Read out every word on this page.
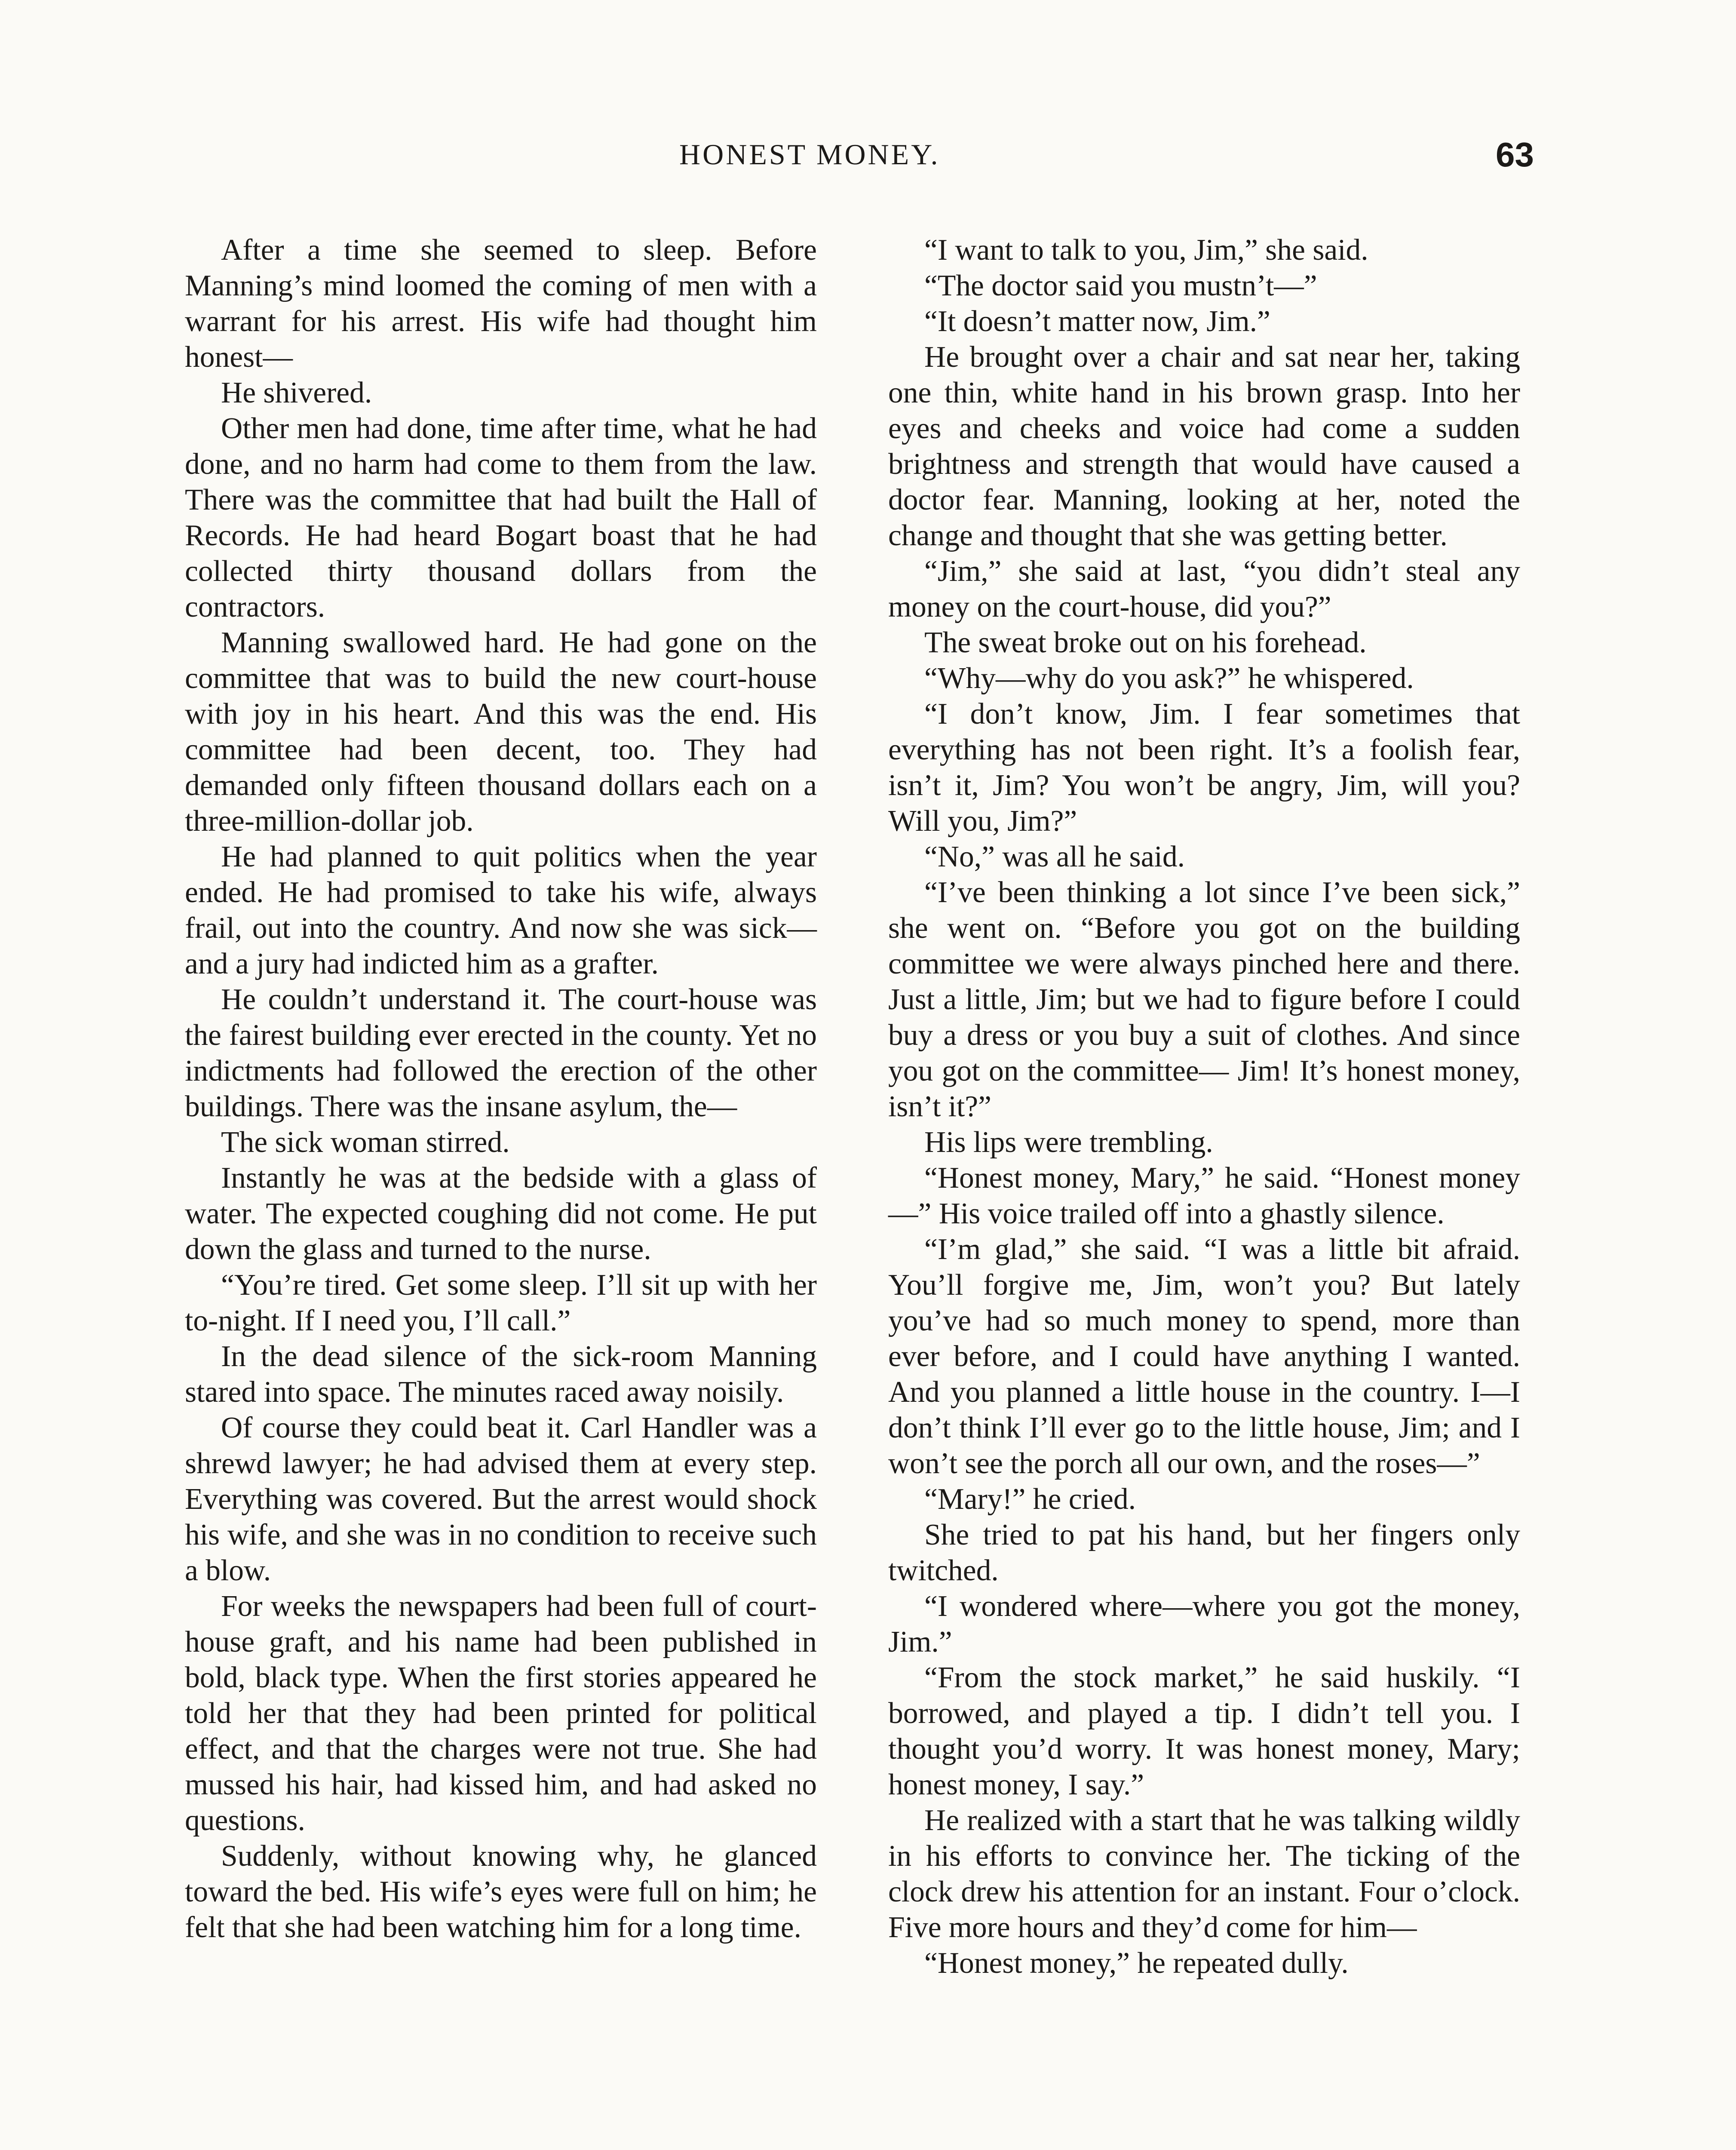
HONEST MONEY.	63

After a time she seemed to sleep. Before Manning’s mind loomed the coming of men with a warrant for his arrest. His wife had thought him honest—

He shivered.

Other men had done, time after time, what he had done, and no harm had come to them from the law. There was the committee that had built the Hall of Records. He had heard Bogart boast that he had collected thirty thousand dollars from the contractors.

Manning swallowed hard. He had gone on the committee that was to build the new court-house with joy in his heart. And this was the end. His committee had been decent, too. They had demanded only fifteen thousand dollars each on a three-million-dollar job.

He had planned to quit politics when the year ended. He had promised to take his wife, always frail, out into the country. And now she was sick—and a jury had indicted him as a grafter.

He couldn’t understand it. The court-house was the fairest building ever erected in the county. Yet no indictments had followed the erection of the other buildings. There was the insane asylum, the—

The sick woman stirred.

Instantly he was at the bedside with a glass of water. The expected coughing did not come. He put down the glass and turned to the nurse.

“You’re tired. Get some sleep. I’ll sit up with her to-night. If I need you, I’ll call.”

In the dead silence of the sick-room Manning stared into space. The minutes raced away noisily.

Of course they could beat it. Carl Handler was a shrewd lawyer; he had advised them at every step. Everything was covered. But the arrest would shock his wife, and she was in no condition to receive such a blow.

For weeks the newspapers had been full of court-house graft, and his name had been published in bold, black type. When the first stories appeared he told her that they had been printed for political effect, and that the charges were not true. She had mussed his hair, had kissed him, and had asked no questions.

Suddenly, without knowing why, he glanced toward the bed. His wife’s eyes were full on him; he felt that she had been watching him for a long time.

“I want to talk to you, Jim,” she said.

“The doctor said you mustn’t—”

“It doesn’t matter now, Jim.”

He brought over a chair and sat near her, taking one thin, white hand in his brown grasp. Into her eyes and cheeks and voice had come a sudden brightness and strength that would have caused a doctor fear. Manning, looking at her, noted the change and thought that she was getting better.

“Jim,” she said at last, “you didn’t steal any money on the court-house, did you?”

The sweat broke out on his forehead.

“Why—why do you ask?” he whispered.

“I don’t know, Jim. I fear sometimes that everything has not been right. It’s a foolish fear, isn’t it, Jim? You won’t be angry, Jim, will you? Will you, Jim?”

“No,” was all he said.

“I’ve been thinking a lot since I’ve been sick,” she went on. “Before you got on the building committee we were always pinched here and there. Just a little, Jim; but we had to figure before I could buy a dress or you buy a suit of clothes. And since you got on the committee— Jim! It’s honest money, isn’t it?”

His lips were trembling.

“Honest money, Mary,” he said. “Honest money—” His voice trailed off into a ghastly silence.

“I’m glad,” she said. “I was a little bit afraid. You’ll forgive me, Jim, won’t you? But lately you’ve had so much money to spend, more than ever before, and I could have anything I wanted. And you planned a little house in the country. I—I don’t think I’ll ever go to the little house, Jim; and I won’t see the porch all our own, and the roses—”

“Mary!” he cried.

She tried to pat his hand, but her fingers only twitched.

“I wondered where—where you got the money, Jim.”

“From the stock market,” he said huskily. “I borrowed, and played a tip. I didn’t tell you. I thought you’d worry. It was honest money, Mary; honest money, I say.”

He realized with a start that he was talking wildly in his efforts to convince her. The ticking of the clock drew his attention for an instant. Four o’clock. Five more hours and they’d come for him—

“Honest money,” he repeated dully.
